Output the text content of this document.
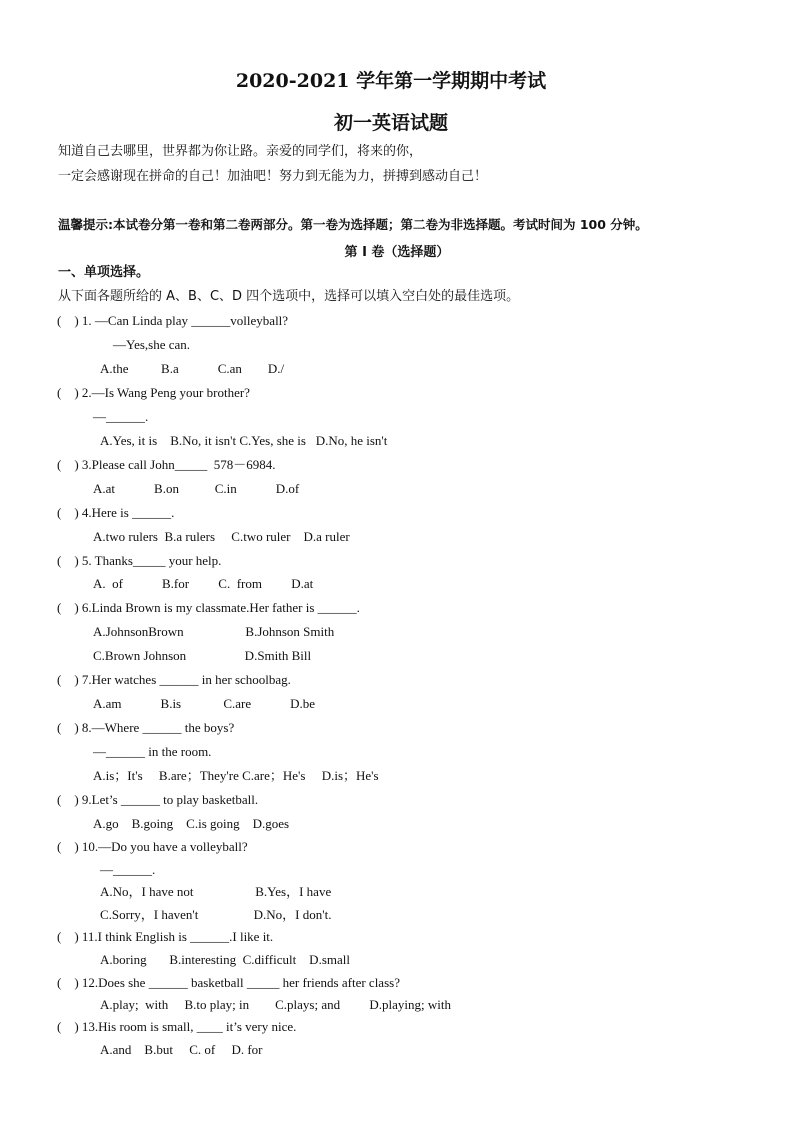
2020-2021 学年第一学期期中考试
初一英语试题
知道自己去哪里，世界都为你让路。亲爱的同学们，将来的你，
一定会感谢现在拼命的自己！加油吧！努力到无能为力，拼搏到感动自己！
温馨提示:本试卷分第一卷和第二卷两部分。第一卷为选择题；第二卷为非选择题。考试时间为 100 分钟。
第 I 卷（选择题）
一、单项选择。
从下面各题所给的 A、B、C、D 四个选项中，选择可以填入空白处的最佳选项。
(    ) 1. —Can Linda play ______volleyball?
—Yes,she can.
A.the          B.a            C.an        D./
(    ) 2.—Is Wang Peng your brother?
—______.
A.Yes, it is    B.No, it isn't C.Yes, she is   D.No, he isn't
(    ) 3.Please call John_____  578－6984.
A.at            B.on           C.in            D.of
(    ) 4.Here is ______.
A.two rulers  B.a rulers     C.two ruler    D.a ruler
(    ) 5. Thanks_____ your help.
A.  of            B.for         C.  from         D.at
(    ) 6.Linda Brown is my classmate.Her father is ______.
A.JohnsonBrown                   B.Johnson Smith
C.Brown Johnson                  D.Smith Bill
(    ) 7.Her watches ______ in her schoolbag.
A.am            B.is             C.are            D.be
(    ) 8.—Where ______ the boys?
—______ in the room.
A.is；It's     B.are；They're C.are；He's     D.is；He's
(    ) 9.Let’s ______ to play basketball.
A.go    B.going    C.is going    D.goes
(    ) 10.—Do you have a volleyball?
—______.
A.No，I have not                   B.Yes，I have
C.Sorry，I haven't                 D.No，I don't.
(    ) 11.I think English is ______.I like it.
A.boring       B.interesting  C.difficult    D.small
(    ) 12.Does she ______ basketball _____ her friends after class?
A.play;  with     B.to play; in        C.plays; and         D.playing; with
(    ) 13.His room is small, ____ it’s very nice.
A.and    B.but     C. of     D. for
